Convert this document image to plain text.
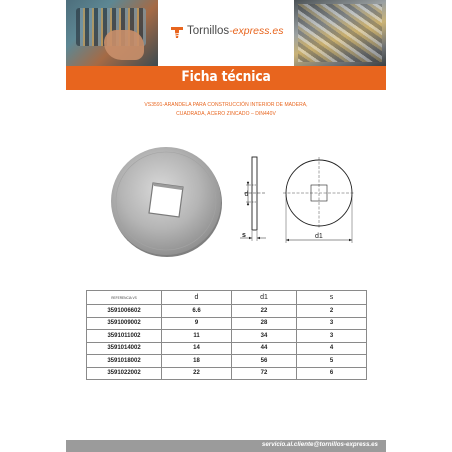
Tornillos-express.es
Ficha técnica
VS3591-ARANDELA PARA CONSTRUCCIÓN INTERIOR DE MADERA,
CUADRADA, ACERO ZINCADO – DIN440V
d
s	d1
REFERENCIA VS	d	d1	s
3591006602	6.6	22	2
3591009002	9	28	3
3591011002	11	34	3
3591014002	14	44	4
3591018002	18	56	5
3591022002	22	72	6
servicio.al.cliente@tornillos-express.es
